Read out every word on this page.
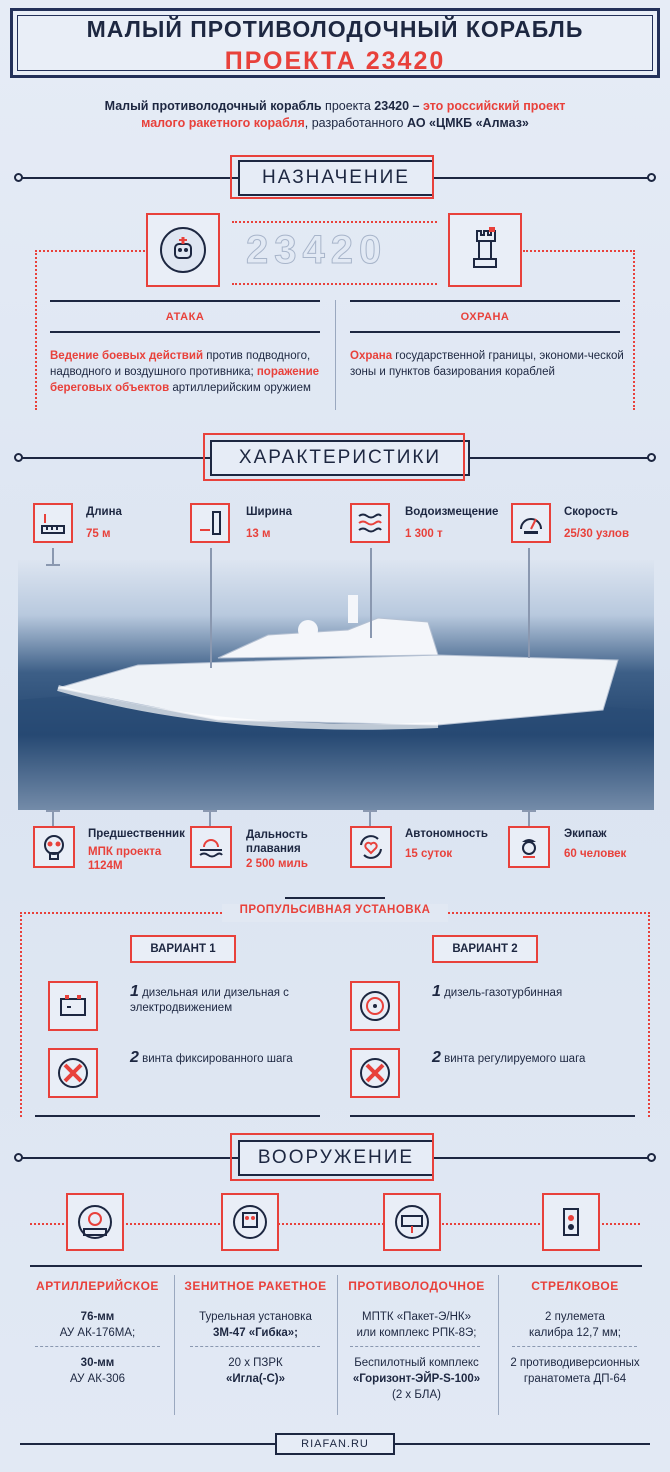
МАЛЫЙ ПРОТИВОЛОДОЧНЫЙ КОРАБЛЬ
ПРОЕКТА 23420
Малый противолодочный корабль проекта 23420 – это российский проект
малого ракетного корабля, разработанного АО «ЦМКБ «Алмаз»
НАЗНАЧЕНИЕ
23420
АТАКА
Ведение боевых действий против подводного, надводного и воздушного противника; поражение береговых объектов артиллерийским оружием
ОХРАНА
Охрана государственной границы, экономи-ческой зоны и пунктов базирования кораблей
ХАРАКТЕРИСТИКИ
Длина
75 м
Ширина
13 м
Водоизмещение
1 300 т
Скорость
25/30 узлов
Предшественник
МПК проекта 1124М
Дальность плавания
2 500 миль
Автономность
15 суток
Экипаж
60 человек
ПРОПУЛЬСИВНАЯ УСТАНОВКА
ВАРИАНТ 1	ВАРИАНТ 2
1 дизельная или дизельная с электродвижением
2 винта фиксированного шага
1 дизель-газотурбинная
2 винта регулируемого шага
ВООРУЖЕНИЕ
АРТИЛЛЕРИЙСКОЕ
76-мм
АУ АК-176МА;
30-мм
АУ АК-306
ЗЕНИТНОЕ РАКЕТНОЕ
Турельная установка
3М-47 «Гибка»;
20 х ПЗРК
«Игла(-С)»
ПРОТИВОЛОДОЧНОЕ
МПТК «Пакет-Э/НК»
или комплекс РПК-8Э;
Беспилотный комплекс
«Горизонт-ЭЙР-S-100»
(2 х БЛА)
СТРЕЛКОВОЕ
2 пулемета
калибра 12,7 мм;
2 противодиверсионных
гранатомета ДП-64
RIAFAN.RU
